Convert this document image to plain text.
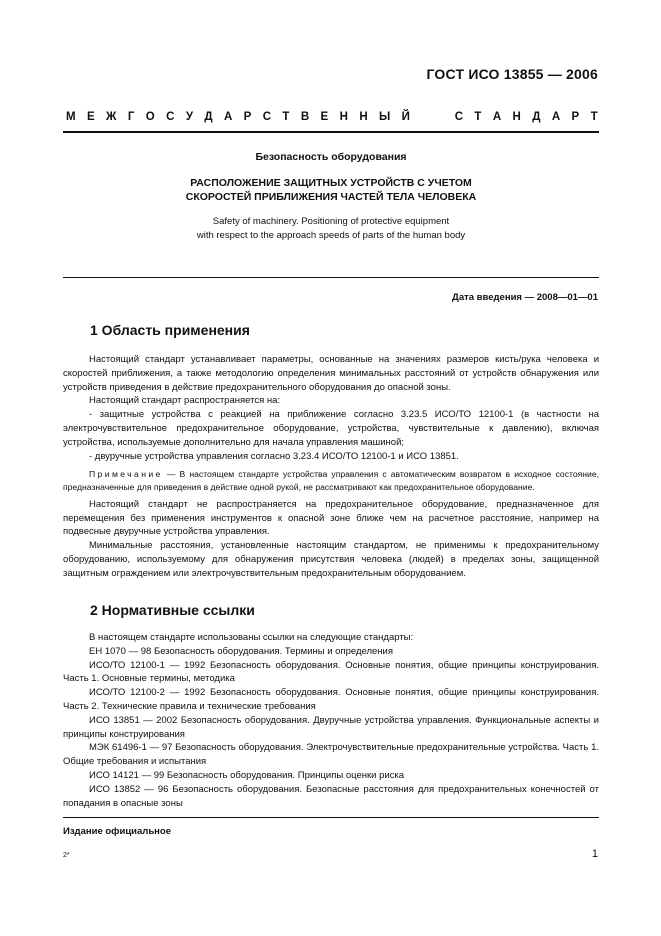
ГОСТ ИСО 13855 — 2006
М Е Ж Г О С У Д А Р С Т В Е Н Н Ы Й	С Т А Н Д А Р Т
Безопасность оборудования
РАСПОЛОЖЕНИЕ ЗАЩИТНЫХ УСТРОЙСТВ С УЧЕТОМ
СКОРОСТЕЙ ПРИБЛИЖЕНИЯ ЧАСТЕЙ ТЕЛА ЧЕЛОВЕКА
Safety of machinery. Positioning of protective equipment
with respect to the approach speeds of parts of the human body
Дата введения — 2008—01—01
1 Область применения

Настоящий стандарт устанавливает параметры, основанные на значениях размеров кисть/рука человека и скоростей приближения, а также методологию определения минимальных расстояний от устройств обнаружения или устройств приведения в действие предохранительного оборудования до опасной зоны.

Настоящий стандарт распространяется на:

- защитные устройства с реакцией на приближение согласно 3.23.5 ИСО/ТО 12100-1 (в частности на электрочувствительное предохранительное оборудование, устройства, чувствительные к давлению), включая устройства, используемые дополнительно для начала управления машиной;

- двуручные устройства управления согласно 3.23.4 ИСО/ТО 12100-1 и ИСО 13851.

Примечание — В настоящем стандарте устройства управления с автоматическим возвратом в исходное состояние, предназначенные для приведения в действие одной рукой, не рассматривают как предохранительное оборудование.

Настоящий стандарт не распространяется на предохранительное оборудование, предназначенное для перемещения без применения инструментов к опасной зоне ближе чем на расчетное расстояние, например на подвесные двуручные устройства управления.

Минимальные расстояния, установленные настоящим стандартом, не применимы к предохранительному оборудованию, используемому для обнаружения присутствия человека (людей) в пределах зоны, защищенной защитным ограждением или электрочувствительным предохранительным оборудованием.

2 Нормативные ссылки

В настоящем стандарте использованы ссылки на следующие стандарты:

ЕН 1070 — 98 Безопасность оборудования. Термины и определения

ИСО/ТО 12100-1 — 1992 Безопасность оборудования. Основные понятия, общие принципы конструирования. Часть 1. Основные термины, методика

ИСО/ТО 12100-2 — 1992 Безопасность оборудования. Основные понятия, общие принципы конструирования. Часть 2. Технические правила и технические требования

ИСО 13851 — 2002 Безопасность оборудования. Двуручные устройства управления. Функциональные аспекты и принципы конструирования

МЭК 61496-1 — 97 Безопасность оборудования. Электрочувствительные предохранительные устройства. Часть 1. Общие требования и испытания

ИСО 14121 — 99 Безопасность оборудования. Принципы оценки риска

ИСО 13852 — 96 Безопасность оборудования. Безопасные расстояния для предохранительных конечностей от попадания в опасные зоны

Издание официальное
2*	1
